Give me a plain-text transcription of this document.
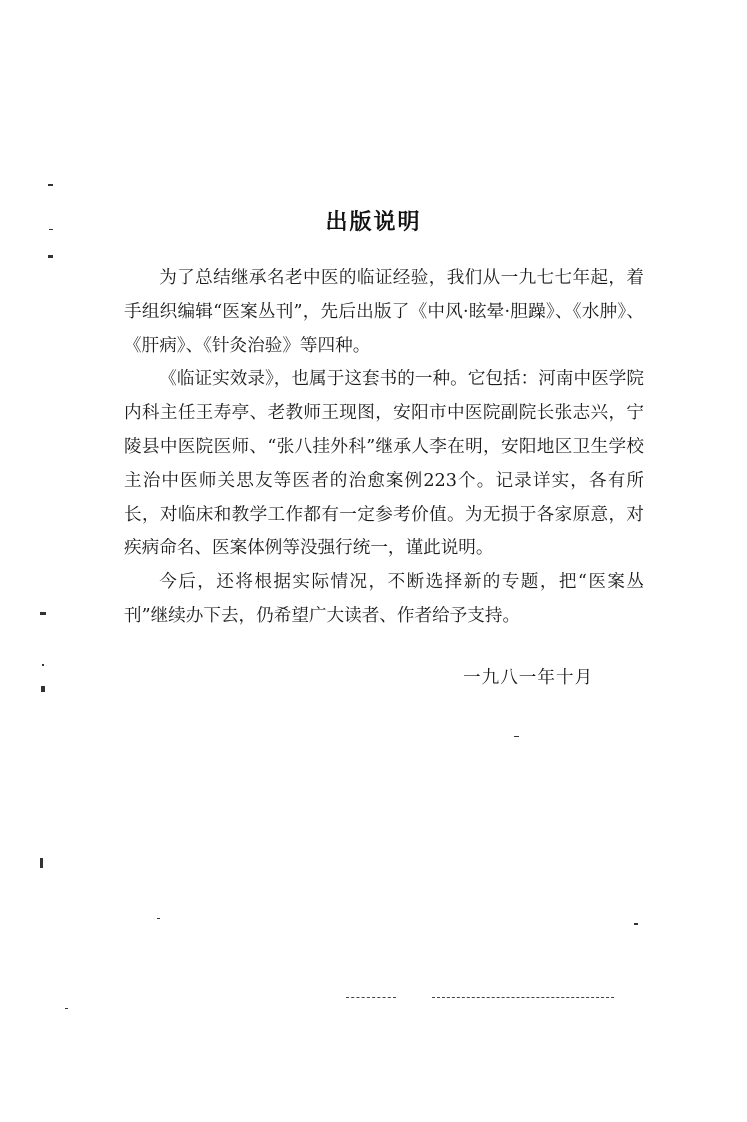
出版说明

为了总结继承名老中医的临证经验，我们从一九七七年起，着手组织编辑“医案丛刊”，先后出版了《中风·眩晕·胆躁》、《水肿》、《肝病》、《针灸治验》等四种。

《临证实效录》，也属于这套书的一种。它包括：河南中医学院内科主任王寿亭、老教师王现图，安阳市中医院副院长张志兴，宁陵县中医院医师、“张八挂外科”继承人李在明，安阳地区卫生学校主治中医师关思友等医者的治愈案例223个。记录详实，各有所长，对临床和教学工作都有一定参考价值。为无损于各家原意，对疾病命名、医案体例等没强行统一，谨此说明。

今后，还将根据实际情况，不断选择新的专题，把“医案丛刊”继续办下去，仍希望广大读者、作者给予支持。

一九八一年十月
